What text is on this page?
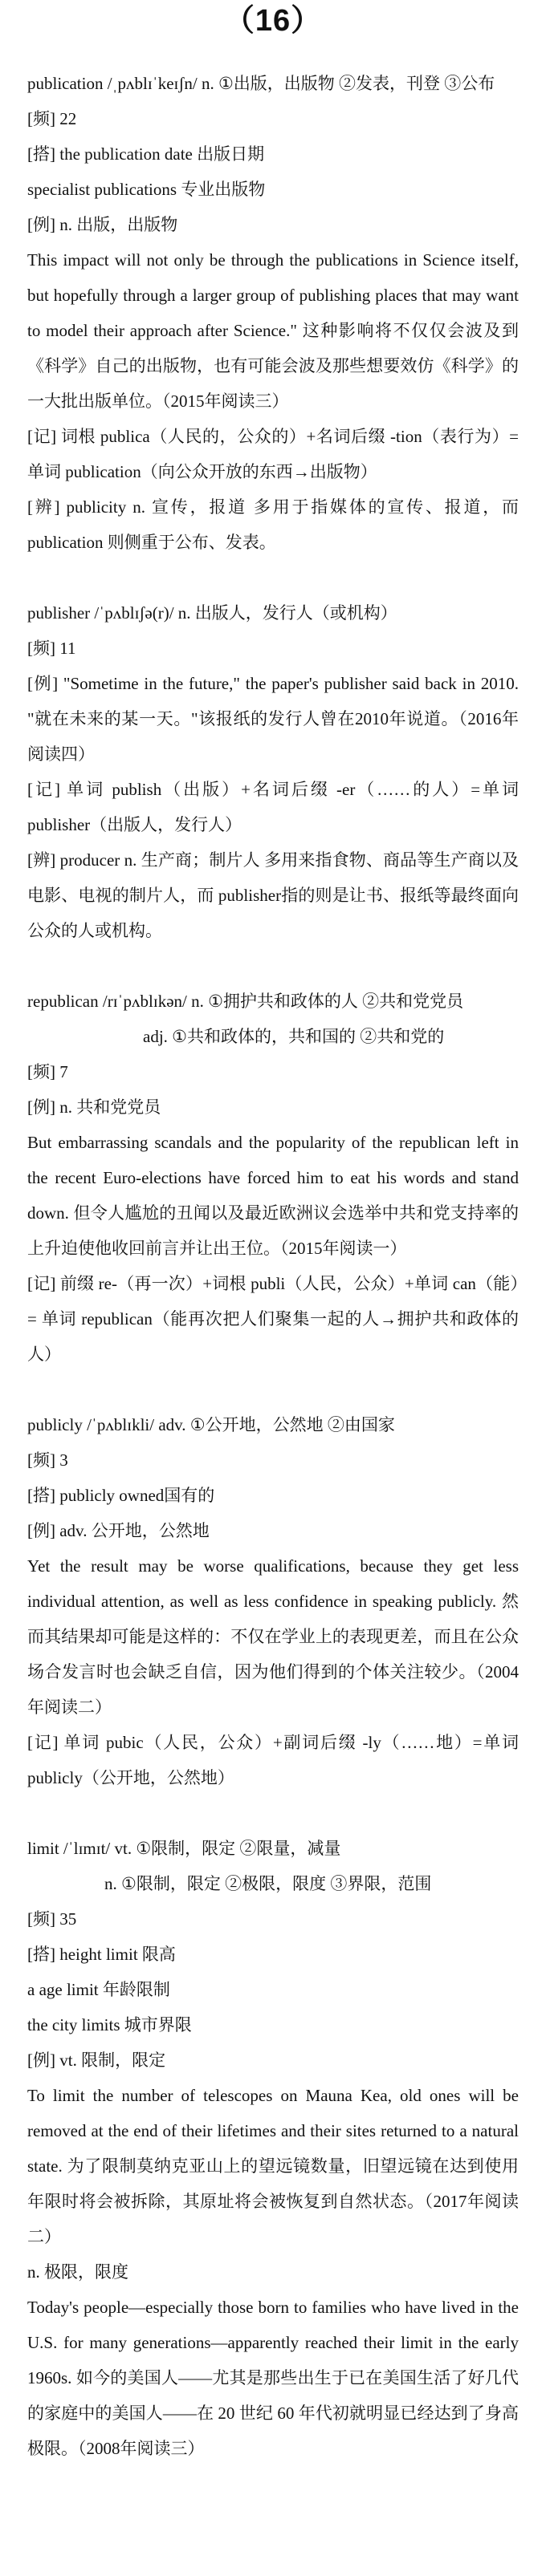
（16）

publication /ˌpʌblɪˈkeɪʃn/ n. ①出版，出版物 ②发表，刊登 ③公布

[频] 22

[搭] the publication date 出版日期

specialist publications 专业出版物

[例] n. 出版，出版物

This impact will not only be through the publications in Science itself, but hopefully through a larger group of publishing places that may want to model their approach after Science." 这种影响将不仅仅会波及到《科学》自己的出版物，也有可能会波及那些想要效仿《科学》的一大批出版单位。（2015年阅读三）

[记] 词根 publica（人民的，公众的）+名词后缀 -tion（表行为）=单词 publication（向公众开放的东西→出版物）

[辨] publicity n. 宣传，报道 多用于指媒体的宣传、报道，而 publication 则侧重于公布、发表。

publisher /ˈpʌblɪʃə(r)/ n. 出版人，发行人（或机构）

[频] 11

[例] "Sometime in the future," the paper's publisher said back in 2010. "就在未来的某一天。"该报纸的发行人曾在2010年说道。（2016年阅读四）

[记] 单词 publish（出版）+名词后缀 -er（……的人）=单词 publisher（出版人，发行人）

[辨] producer n. 生产商；制片人 多用来指食物、商品等生产商以及电影、电视的制片人，而 publisher指的则是让书、报纸等最终面向公众的人或机构。

republican /rɪˈpʌblɪkən/ n. ①拥护共和政体的人 ②共和党党员

adj. ①共和政体的，共和国的 ②共和党的

[频] 7

[例] n. 共和党党员

But embarrassing scandals and the popularity of the republican left in the recent Euro-elections have forced him to eat his words and stand down. 但令人尴尬的丑闻以及最近欧洲议会选举中共和党支持率的上升迫使他收回前言并让出王位。（2015年阅读一）

[记] 前缀 re-（再一次）+词根 publi（人民，公众）+单词 can（能）= 单词 republican（能再次把人们聚集一起的人→拥护共和政体的人）

publicly /ˈpʌblɪkli/ adv. ①公开地，公然地 ②由国家

[频] 3

[搭] publicly owned国有的

[例] adv. 公开地，公然地

Yet the result may be worse qualifications, because they get less individual attention, as well as less confidence in speaking publicly. 然而其结果却可能是这样的：不仅在学业上的表现更差，而且在公众场合发言时也会缺乏自信，因为他们得到的个体关注较少。（2004年阅读二）

[记] 单词 pubic（人民，公众）+副词后缀 -ly（……地）=单词 publicly（公开地，公然地）

limit /ˈlɪmɪt/ vt. ①限制，限定 ②限量，减量

n. ①限制，限定 ②极限，限度 ③界限，范围

[频] 35

[搭] height limit 限高

a age limit 年龄限制

the city limits 城市界限

[例] vt. 限制，限定

To limit the number of telescopes on Mauna Kea, old ones will be removed at the end of their lifetimes and their sites returned to a natural state. 为了限制莫纳克亚山上的望远镜数量，旧望远镜在达到使用年限时将会被拆除，其原址将会被恢复到自然状态。（2017年阅读二）

n. 极限，限度

Today's people—especially those born to families who have lived in the U.S. for many generations—apparently reached their limit in the early 1960s. 如今的美国人——尤其是那些出生于已在美国生活了好几代的家庭中的美国人——在 20 世纪 60 年代初就明显已经达到了身高极限。（2008年阅读三）
